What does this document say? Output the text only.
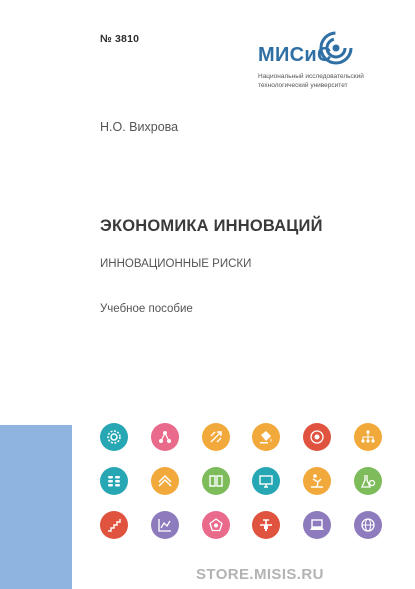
№ 3810
МИСиС
Национальный исследовательский
технологический университет
Н.О. Вихрова
ЭКОНОМИКА ИННОВАЦИЙ
ИННОВАЦИОННЫЕ РИСКИ
Учебное пособие
STORE.MISIS.RU
